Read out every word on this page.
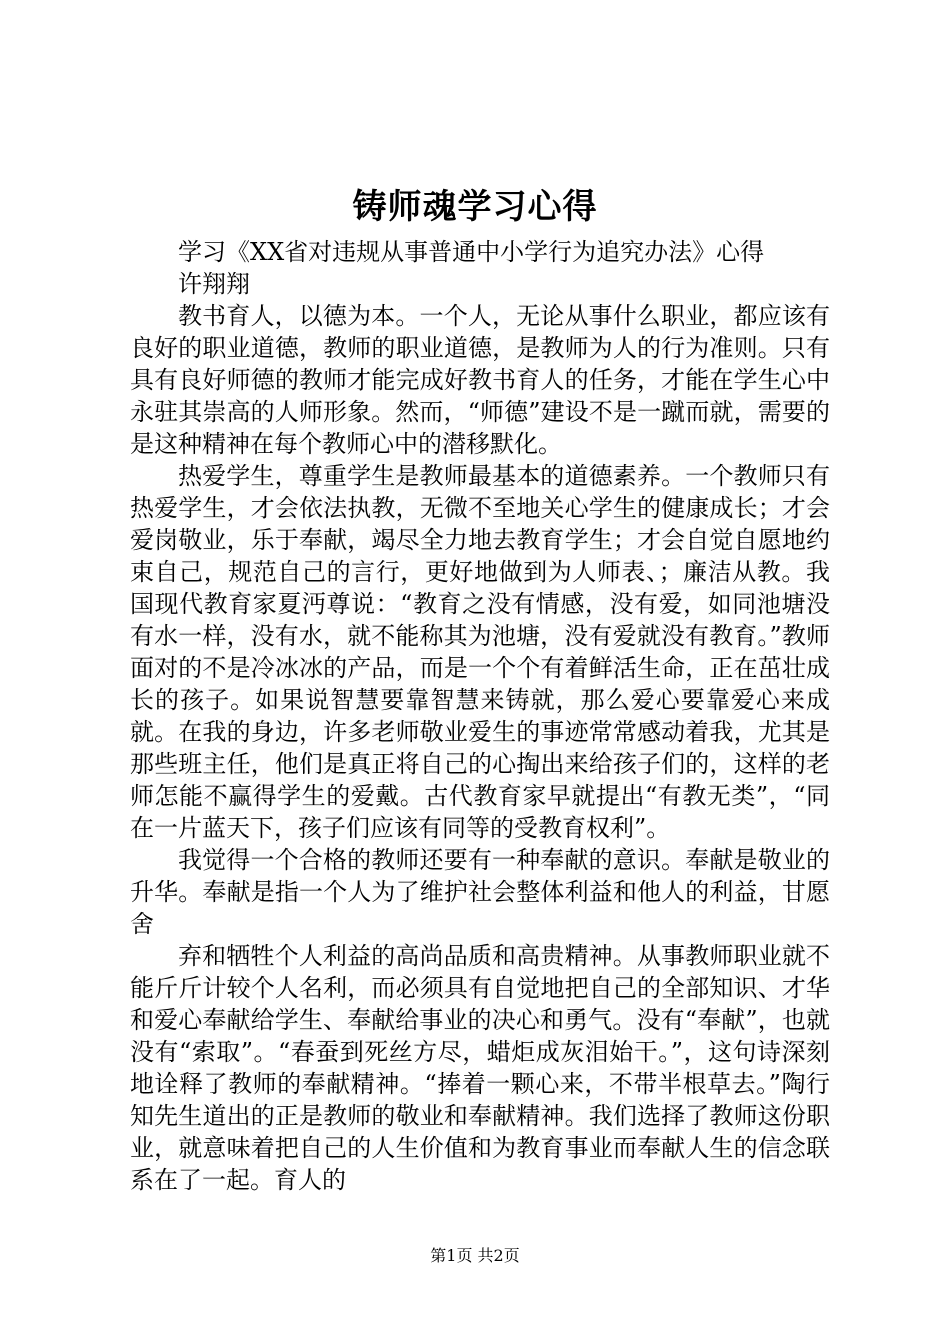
铸师魂学习心得

学习《XX省对违规从事普通中小学行为追究办法》心得

许翔翔

教书育人，以德为本。一个人，无论从事什么职业，都应该有良好的职业道德，教师的职业道德，是教师为人的行为准则。只有具有良好师德的教师才能完成好教书育人的任务，才能在学生心中永驻其崇高的人师形象。然而，“师德”建设不是一蹴而就，需要的是这种精神在每个教师心中的潜移默化。

热爱学生，尊重学生是教师最基本的道德素养。一个教师只有热爱学生，才会依法执教，无微不至地关心学生的健康成长；才会爱岗敬业，乐于奉献，竭尽全力地去教育学生；才会自觉自愿地约束自己，规范自己的言行，更好地做到为人师表、；廉洁从教。我国现代教育家夏沔尊说：“教育之没有情感，没有爱，如同池塘没有水一样，没有水，就不能称其为池塘，没有爱就没有教育。”教师面对的不是冷冰冰的产品，而是一个个有着鲜活生命，正在茁壮成长的孩子。如果说智慧要靠智慧来铸就，那么爱心要靠爱心来成就。在我的身边，许多老师敬业爱生的事迹常常感动着我，尤其是那些班主任，他们是真正将自己的心掏出来给孩子们的，这样的老师怎能不赢得学生的爱戴。古代教育家早就提出“有教无类”，“同在一片蓝天下，孩子们应该有同等的受教育权利”。

我觉得一个合格的教师还要有一种奉献的意识。奉献是敬业的升华。奉献是指一个人为了维护社会整体利益和他人的利益，甘愿舍

弃和牺牲个人利益的高尚品质和高贵精神。从事教师职业就不能斤斤计较个人名利，而必须具有自觉地把自己的全部知识、才华和爱心奉献给学生、奉献给事业的决心和勇气。没有“奉献”，也就没有“索取”。“春蚕到死丝方尽，蜡炬成灰泪始干。”，这句诗深刻地诠释了教师的奉献精神。“捧着一颗心来，不带半根草去。”陶行知先生道出的正是教师的敬业和奉献精神。我们选择了教师这份职业，就意味着把自己的人生价值和为教育事业而奉献人生的信念联系在了一起。育人的

第1页 共2页
